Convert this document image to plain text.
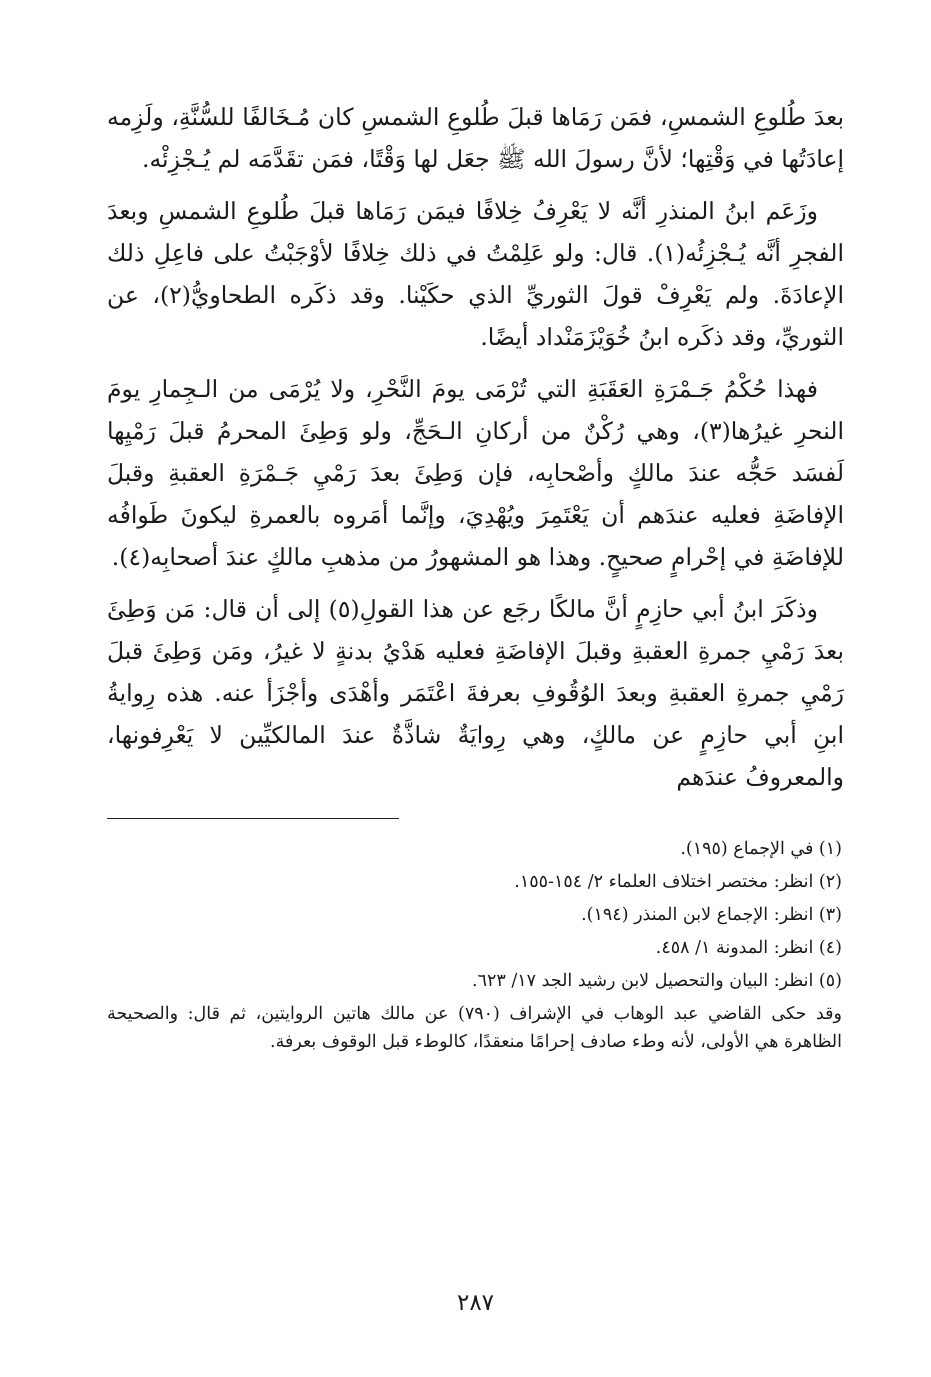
بعدَ طُلوعِ الشمسِ، فمَن رَمَاها قبلَ طُلوعِ الشمسِ كان مُـخَالفًا للسُّنَّةِ، ولَزِمه إعادَتُها في وَقْتِها؛ لأنَّ رسولَ الله ﷺ جعَل لها وَقْتًا، فمَن تقَدَّمَه لم يُـجْزِئْه.

وزَعَم ابنُ المنذرِ أنَّه لا يَعْرِفُ خِلافًا فيمَن رَمَاها قبلَ طُلوعِ الشمسِ وبعدَ الفجرِ أنَّه يُـجْزِئُه(١). قال: ولو عَلِمْتُ في ذلك خِلافًا لأوْجَبْتُ على فاعِلِ ذلك الإعادَةَ. ولم يَعْرِفْ قولَ الثوريِّ الذي حكَيْنا. وقد ذكَره الطحاويُّ(٢)، عن الثوريِّ، وقد ذكَره ابنُ خُوَيْزَمَنْداد أيضًا.

فهذا حُكْمُ جَـمْرَةِ العَقَبَةِ التي تُرْمَى يومَ النَّحْرِ، ولا يُرْمَى من الـجِمارِ يومَ النحرِ غيرُها(٣)، وهي رُكْنٌ من أركانِ الـحَجِّ، ولو وَطِئَ المحرمُ قبلَ رَمْيِها لَفسَد حَجُّه عندَ مالكٍ وأصْحابِه، فإن وَطِئَ بعدَ رَمْيِ جَـمْرَةِ العقبةِ وقبلَ الإفاضَةِ فعليه عندَهم أن يَعْتَمِرَ ويُهْدِيَ، وإنَّما أمَروه بالعمرةِ ليكونَ طَوافُه للإفاضَةِ في إحْرامٍ صحيحٍ. وهذا هو المشهورُ من مذهبِ مالكٍ عندَ أصحابِه(٤).

وذكَرَ ابنُ أبي حازِمٍ أنَّ مالكًا رجَع عن هذا القولِ(٥) إلى أن قال: مَن وَطِئَ بعدَ رَمْيِ جمرةِ العقبةِ وقبلَ الإفاضَةِ فعليه هَدْيُ بدنةٍ لا غيرُ، ومَن وَطِئَ قبلَ رَمْيِ جمرةِ العقبةِ وبعدَ الوُقُوفِ بعرفةَ اعْتَمَر وأهْدَى وأجْزَأ عنه. هذه رِوايةُ ابنِ أبي حازِمٍ عن مالكٍ، وهي رِوايَةٌ شاذَّةٌ عندَ المالكيِّين لا يَعْرِفونها، والمعروفُ عندَهم

(١) في الإجماع (١٩٥).

(٢) انظر: مختصر اختلاف العلماء ٢/ ١٥٤-١٥٥.

(٣) انظر: الإجماع لابن المنذر (١٩٤).

(٤) انظر: المدونة ١/ ٤٥٨.

(٥) انظر: البيان والتحصيل لابن رشيد الجد ١٧/ ٦٢٣.

وقد حكى القاضي عبد الوهاب في الإشراف (٧٩٠) عن مالك هاتين الروايتين، ثم قال: والصحيحة الظاهرة هي الأولى، لأنه وطء صادف إحرامًا منعقدًا، كالوطء قبل الوقوف بعرفة.

٢٨٧
